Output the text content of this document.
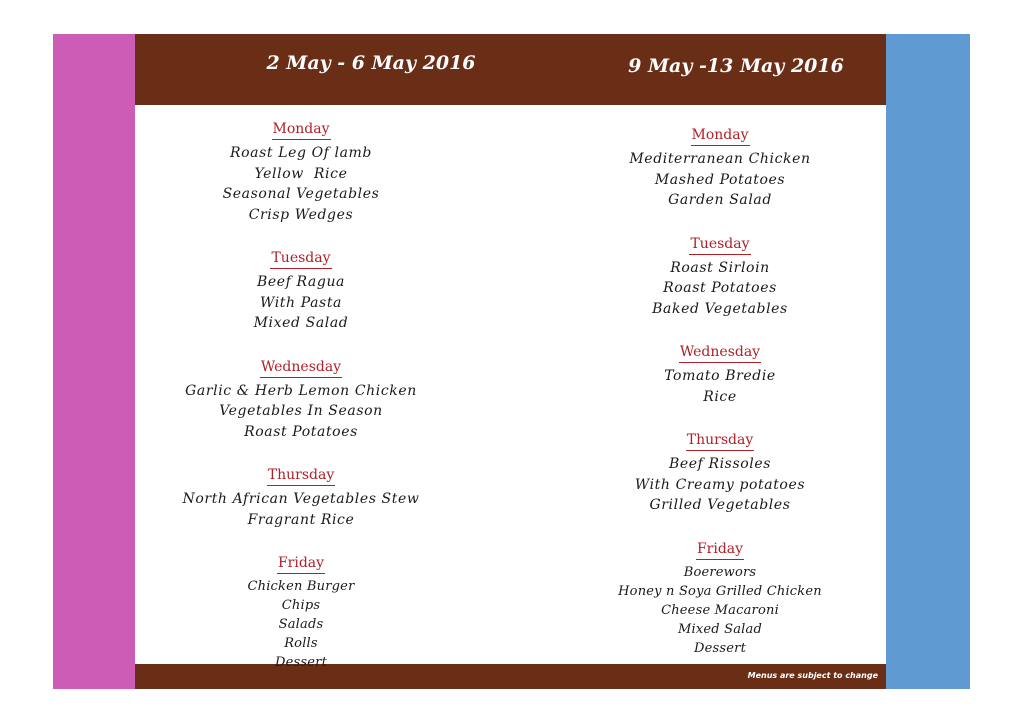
2 May - 6 May 2016	9 May -13 May 2016
Monday
Roast Leg Of lamb
Yellow  Rice
Seasonal Vegetables
Crisp Wedges
Tuesday
Beef Ragua
With Pasta
Mixed Salad
Wednesday
Garlic & Herb Lemon Chicken
Vegetables In Season
Roast Potatoes
Thursday
North African Vegetables Stew
Fragrant Rice
Friday
Chicken Burger
Chips
Salads
Rolls
Dessert
Monday
Mediterranean Chicken
Mashed Potatoes
Garden Salad
Tuesday
Roast Sirloin
Roast Potatoes
Baked Vegetables
Wednesday
Tomato Bredie
Rice
Thursday
Beef Rissoles
With Creamy potatoes
Grilled Vegetables
Friday
Boerewors
Honey n Soya Grilled Chicken
Cheese Macaroni
Mixed Salad
Dessert
Menus are subject to change
